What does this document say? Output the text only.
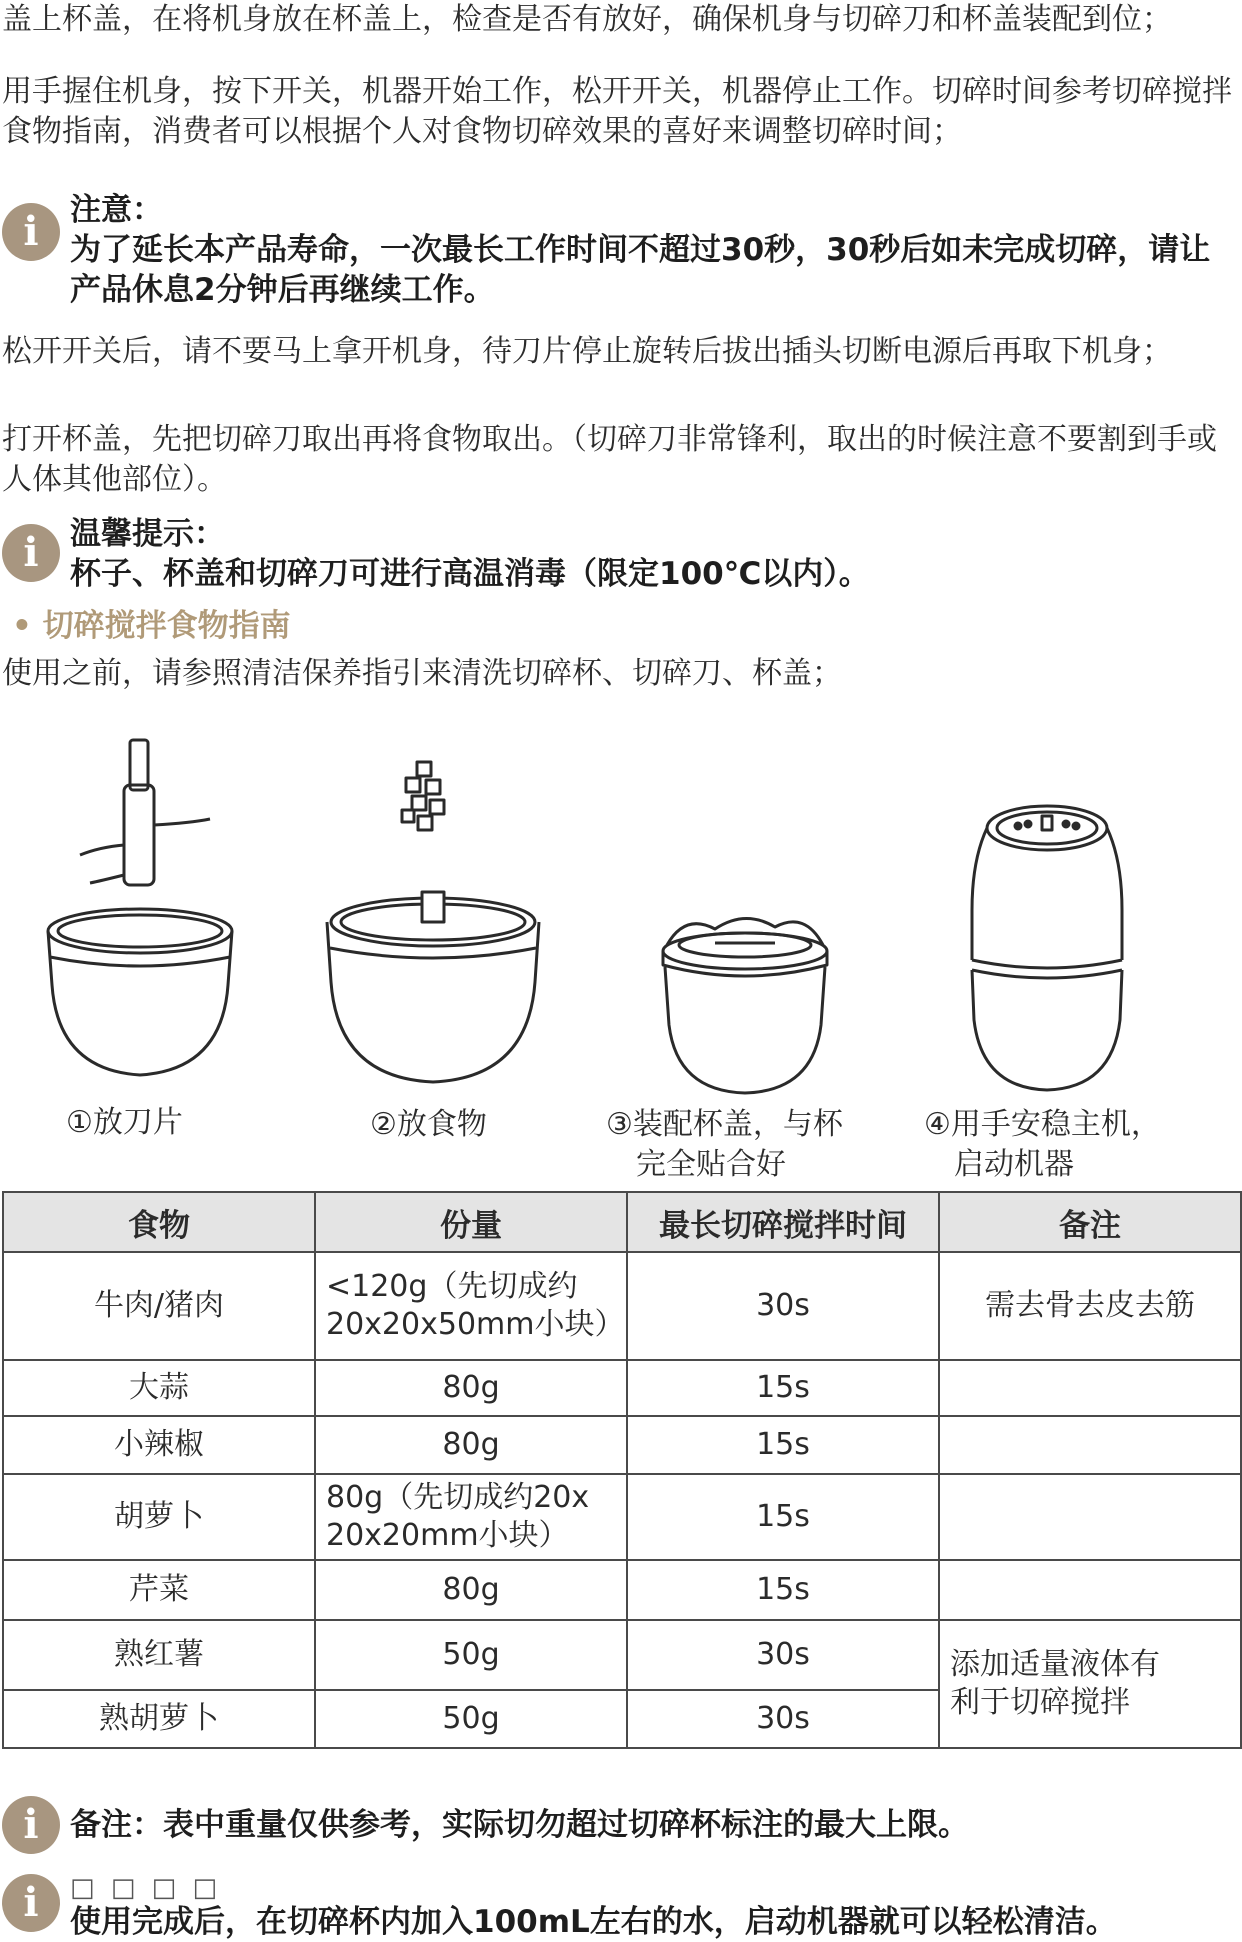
盖上杯盖，在将机身放在杯盖上，检查是否有放好，确保机身与切碎刀和杯盖装配到位；

用手握住机身，按下开关，机器开始工作，松开开关，机器停止工作。切碎时间参考切碎搅拌食物指南，消费者可以根据个人对食物切碎效果的喜好来调整切碎时间；

i	注意：

为了延长本产品寿命，一次最长工作时间不超过30秒，30秒后如未完成切碎，请让产品休息2分钟后再继续工作。

松开开关后，请不要马上拿开机身，待刀片停止旋转后拔出插头切断电源后再取下机身；

打开杯盖，先把切碎刀取出再将食物取出。（切碎刀非常锋利，取出的时候注意不要割到手或人体其他部位）。

i	温馨提示：

杯子、杯盖和切碎刀可进行高温消毒（限定100℃以内）。

• 切碎搅拌食物指南

使用之前，请参照清洁保养指引来清洗切碎杯、切碎刀、杯盖；

①放刀片	②放食物	③装配杯盖，与杯
完全贴合好
④用手安稳主机，
启动机器
食物	份量	最长切碎搅拌时间	备注
牛肉/猪肉	<120g（先切成约
20x20x50mm小块）	30s	需去骨去皮去筋
大蒜	80g	15s	
小辣椒	80g	15s	
胡萝卜	80g（先切成约20x
20x20mm小块）	15s	
芹菜	80g	15s	
熟红薯	50g	30s	添加适量液体有
利于切碎搅拌
熟胡萝卜	50g	30s	
i	备注：表中重量仅供参考，实际切勿超过切碎杯标注的最大上限。

i	□ □ □ □

使用完成后，在切碎杯内加入100mL左右的水，启动机器就可以轻松清洁。
